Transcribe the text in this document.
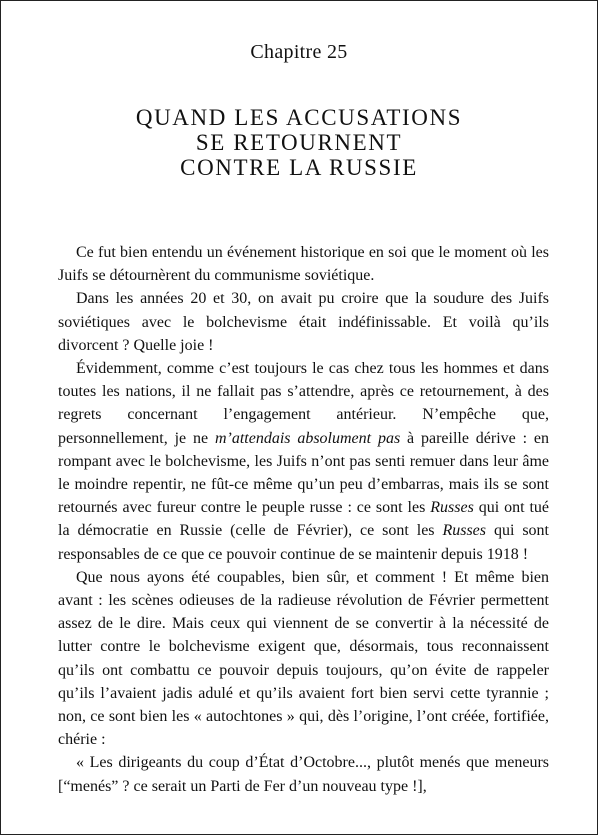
Chapitre 25
QUAND LES ACCUSATIONS
SE RETOURNENT
CONTRE LA RUSSIE

Ce fut bien entendu un événement historique en soi que le moment où les Juifs se détournèrent du communisme soviétique.

Dans les années 20 et 30, on avait pu croire que la soudure des Juifs soviétiques avec le bolchevisme était indéfinissable. Et voilà qu’ils divorcent ? Quelle joie !

Évidemment, comme c’est toujours le cas chez tous les hommes et dans toutes les nations, il ne fallait pas s’attendre, après ce retournement, à des regrets concernant l’engagement antérieur. N’empêche que, personnellement, je ne m’attendais absolument pas à pareille dérive : en rompant avec le bolchevisme, les Juifs n’ont pas senti remuer dans leur âme le moindre repentir, ne fût-ce même qu’un peu d’embarras, mais ils se sont retournés avec fureur contre le peuple russe : ce sont les Russes qui ont tué la démocratie en Russie (celle de Février), ce sont les Russes qui sont responsables de ce que ce pouvoir continue de se maintenir depuis 1918 !

Que nous ayons été coupables, bien sûr, et comment ! Et même bien avant : les scènes odieuses de la radieuse révolution de Février permettent assez de le dire. Mais ceux qui viennent de se convertir à la nécessité de lutter contre le bolchevisme exigent que, désormais, tous reconnaissent qu’ils ont combattu ce pouvoir depuis toujours, qu’on évite de rappeler qu’ils l’avaient jadis adulé et qu’ils avaient fort bien servi cette tyrannie ; non, ce sont bien les « autochtones » qui, dès l’origine, l’ont créée, fortifiée, chérie :

« Les dirigeants du coup d’État d’Octobre..., plutôt menés que meneurs [“menés” ? ce serait un Parti de Fer d’un nouveau type !],
